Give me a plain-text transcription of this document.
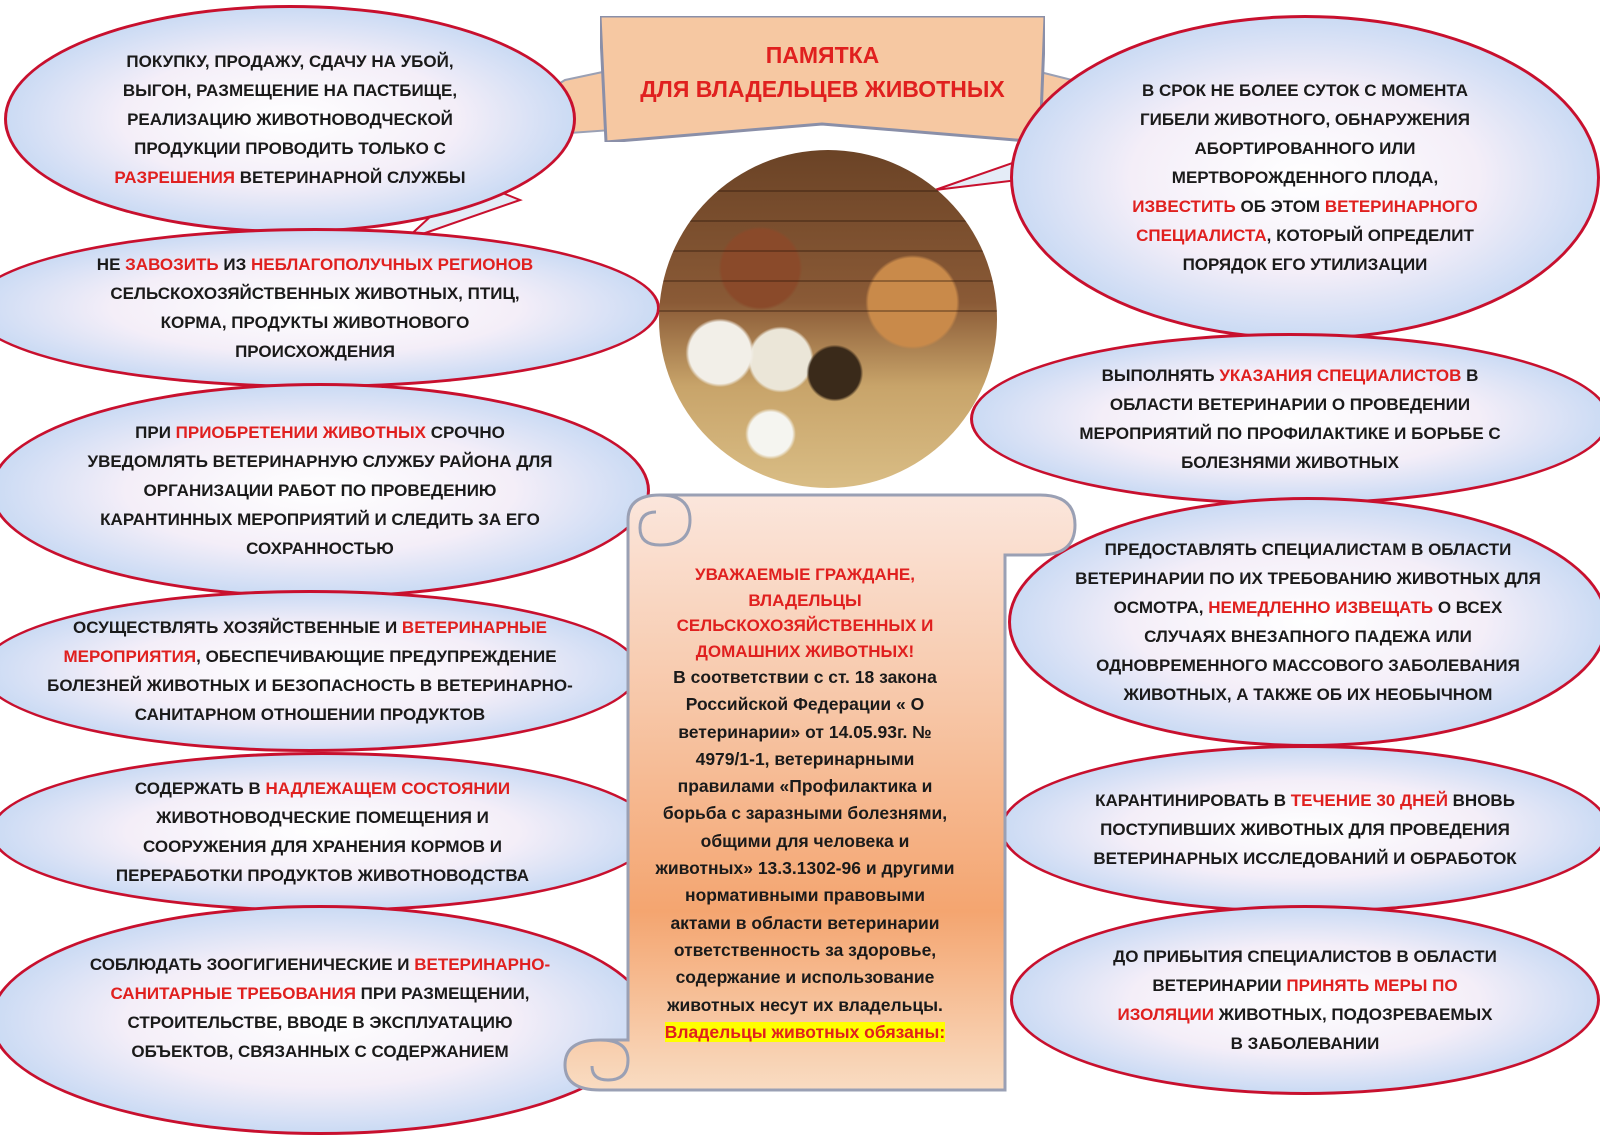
ПАМЯТКА
ДЛЯ ВЛАДЕЛЬЦЕВ ЖИВОТНЫХ
ПОКУПКУ, ПРОДАЖУ, СДАЧУ НА УБОЙ,
ВЫГОН, РАЗМЕЩЕНИЕ НА ПАСТБИЩЕ,
РЕАЛИЗАЦИЮ ЖИВОТНОВОДЧЕСКОЙ
ПРОДУКЦИИ ПРОВОДИТЬ ТОЛЬКО С
РАЗРЕШЕНИЯ ВЕТЕРИНАРНОЙ СЛУЖБЫ
НЕ ЗАВОЗИТЬ ИЗ НЕБЛАГОПОЛУЧНЫХ РЕГИОНОВ
СЕЛЬСКОХОЗЯЙСТВЕННЫХ ЖИВОТНЫХ, ПТИЦ,
КОРМА, ПРОДУКТЫ ЖИВОТНОВОГО
ПРОИСХОЖДЕНИЯ
ПРИ ПРИОБРЕТЕНИИ ЖИВОТНЫХ СРОЧНО
УВЕДОМЛЯТЬ ВЕТЕРИНАРНУЮ СЛУЖБУ РАЙОНА ДЛЯ
ОРГАНИЗАЦИИ РАБОТ ПО ПРОВЕДЕНИЮ
КАРАНТИННЫХ МЕРОПРИЯТИЙ И СЛЕДИТЬ ЗА ЕГО
СОХРАННОСТЬЮ
ОСУЩЕСТВЛЯТЬ ХОЗЯЙСТВЕННЫЕ И ВЕТЕРИНАРНЫЕ
МЕРОПРИЯТИЯ, ОБЕСПЕЧИВАЮЩИЕ ПРЕДУПРЕЖДЕНИЕ
БОЛЕЗНЕЙ ЖИВОТНЫХ И БЕЗОПАСНОСТЬ В ВЕТЕРИНАРНО-
САНИТАРНОМ ОТНОШЕНИИ ПРОДУКТОВ
СОДЕРЖАТЬ В НАДЛЕЖАЩЕМ СОСТОЯНИИ
ЖИВОТНОВОДЧЕСКИЕ ПОМЕЩЕНИЯ И
СООРУЖЕНИЯ ДЛЯ ХРАНЕНИЯ КОРМОВ И
ПЕРЕРАБОТКИ ПРОДУКТОВ ЖИВОТНОВОДСТВА
СОБЛЮДАТЬ ЗООГИГИЕНИЧЕСКИЕ И ВЕТЕРИНАРНО-
САНИТАРНЫЕ ТРЕБОВАНИЯ ПРИ РАЗМЕЩЕНИИ,
СТРОИТЕЛЬСТВЕ, ВВОДЕ В ЭКСПЛУАТАЦИЮ
ОБЪЕКТОВ, СВЯЗАННЫХ С СОДЕРЖАНИЕМ
В СРОК НЕ БОЛЕЕ СУТОК С МОМЕНТА
ГИБЕЛИ ЖИВОТНОГО, ОБНАРУЖЕНИЯ
АБОРТИРОВАННОГО ИЛИ
МЕРТВОРОЖДЕННОГО ПЛОДА,
ИЗВЕСТИТЬ ОБ ЭТОМ ВЕТЕРИНАРНОГО
СПЕЦИАЛИСТА, КОТОРЫЙ ОПРЕДЕЛИТ
ПОРЯДОК ЕГО УТИЛИЗАЦИИ
ВЫПОЛНЯТЬ УКАЗАНИЯ СПЕЦИАЛИСТОВ В
ОБЛАСТИ ВЕТЕРИНАРИИ О ПРОВЕДЕНИИ
МЕРОПРИЯТИЙ ПО ПРОФИЛАКТИКЕ И БОРЬБЕ С
БОЛЕЗНЯМИ ЖИВОТНЫХ
ПРЕДОСТАВЛЯТЬ СПЕЦИАЛИСТАМ В ОБЛАСТИ
ВЕТЕРИНАРИИ ПО ИХ ТРЕБОВАНИЮ ЖИВОТНЫХ ДЛЯ
ОСМОТРА, НЕМЕДЛЕННО ИЗВЕЩАТЬ О ВСЕХ
СЛУЧАЯХ ВНЕЗАПНОГО ПАДЕЖА ИЛИ
ОДНОВРЕМЕННОГО МАССОВОГО ЗАБОЛЕВАНИЯ
ЖИВОТНЫХ, А ТАКЖЕ ОБ ИХ НЕОБЫЧНОМ
КАРАНТИНИРОВАТЬ В ТЕЧЕНИЕ 30 ДНЕЙ ВНОВЬ
ПОСТУПИВШИХ ЖИВОТНЫХ ДЛЯ ПРОВЕДЕНИЯ
ВЕТЕРИНАРНЫХ ИССЛЕДОВАНИЙ И ОБРАБОТОК
ДО ПРИБЫТИЯ СПЕЦИАЛИСТОВ В ОБЛАСТИ
ВЕТЕРИНАРИИ ПРИНЯТЬ МЕРЫ ПО
ИЗОЛЯЦИИ ЖИВОТНЫХ, ПОДОЗРЕВАЕМЫХ
В ЗАБОЛЕВАНИИ
УВАЖАЕМЫЕ ГРАЖДАНЕ,
ВЛАДЕЛЬЦЫ
СЕЛЬСКОХОЗЯЙСТВЕННЫХ И
ДОМАШНИХ ЖИВОТНЫХ!
В соответствии с ст. 18 закона
Российской Федерации « О
ветеринарии» от 14.05.93г. №
4979/1-1, ветеринарными
правилами «Профилактика и
борьба с заразными болезнями,
общими для человека и
животных» 13.3.1302-96 и другими
нормативными правовыми
актами в области ветеринарии
ответственность за здоровье,
содержание и использование
животных несут их владельцы.
Владельцы животных обязаны:
